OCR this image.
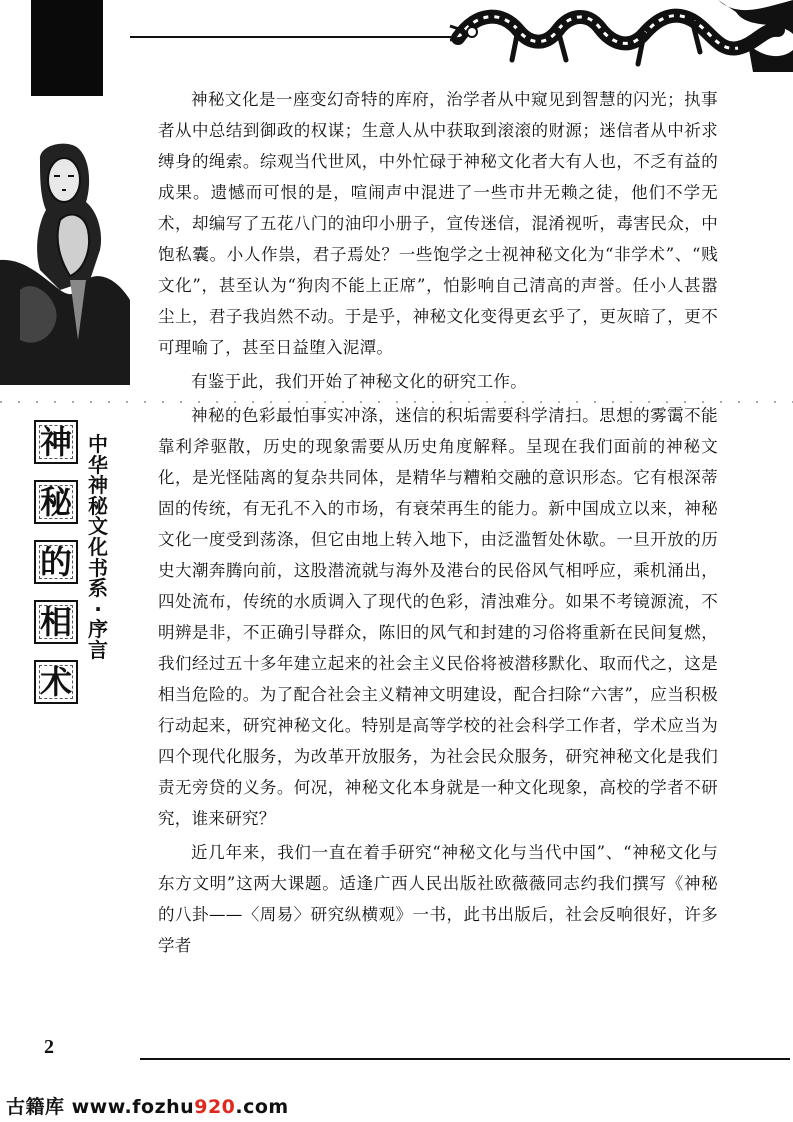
神
秘
的
相
术
中华神秘文化书系·序言

神秘文化是一座变幻奇特的库府，治学者从中窥见到智慧的闪光；执事者从中总结到御政的权谋；生意人从中获取到滚滚的财源；迷信者从中祈求缚身的绳索。综观当代世风，中外忙碌于神秘文化者大有人也，不乏有益的成果。遗憾而可恨的是，喧闹声中混进了一些市井无赖之徒，他们不学无术，却编写了五花八门的油印小册子，宣传迷信，混淆视听，毒害民众，中饱私囊。小人作祟，君子焉处？一些饱学之士视神秘文化为“非学术”、“贱文化”，甚至认为“狗肉不能上正席”，怕影响自己清高的声誉。任小人甚嚣尘上，君子我岿然不动。于是乎，神秘文化变得更玄乎了，更灰暗了，更不可理喻了，甚至日益堕入泥潭。

有鉴于此，我们开始了神秘文化的研究工作。

神秘的色彩最怕事实冲涤，迷信的积垢需要科学清扫。思想的雾霭不能靠利斧驱散，历史的现象需要从历史角度解释。呈现在我们面前的神秘文化，是光怪陆离的复杂共同体，是精华与糟粕交融的意识形态。它有根深蒂固的传统，有无孔不入的市场，有衰荣再生的能力。新中国成立以来，神秘文化一度受到荡涤，但它由地上转入地下，由泛滥暂处休歇。一旦开放的历史大潮奔腾向前，这股潜流就与海外及港台的民俗风气相呼应，乘机涌出，四处流布，传统的水质调入了现代的色彩，清浊难分。如果不考镜源流，不明辨是非，不正确引导群众，陈旧的风气和封建的习俗将重新在民间复燃，我们经过五十多年建立起来的社会主义民俗将被潜移默化、取而代之，这是相当危险的。为了配合社会主义精神文明建设，配合扫除“六害”，应当积极行动起来，研究神秘文化。特别是高等学校的社会科学工作者，学术应当为四个现代化服务，为改革开放服务，为社会民众服务，研究神秘文化是我们责无旁贷的义务。何况，神秘文化本身就是一种文化现象，高校的学者不研究，谁来研究？

近几年来，我们一直在着手研究“神秘文化与当代中国”、“神秘文化与东方文明”这两大课题。适逢广西人民出版社欧薇薇同志约我们撰写《神秘的八卦——〈周易〉研究纵横观》一书，此书出版后，社会反响很好，许多学者

2
古籍库 www.fozhu920.com
